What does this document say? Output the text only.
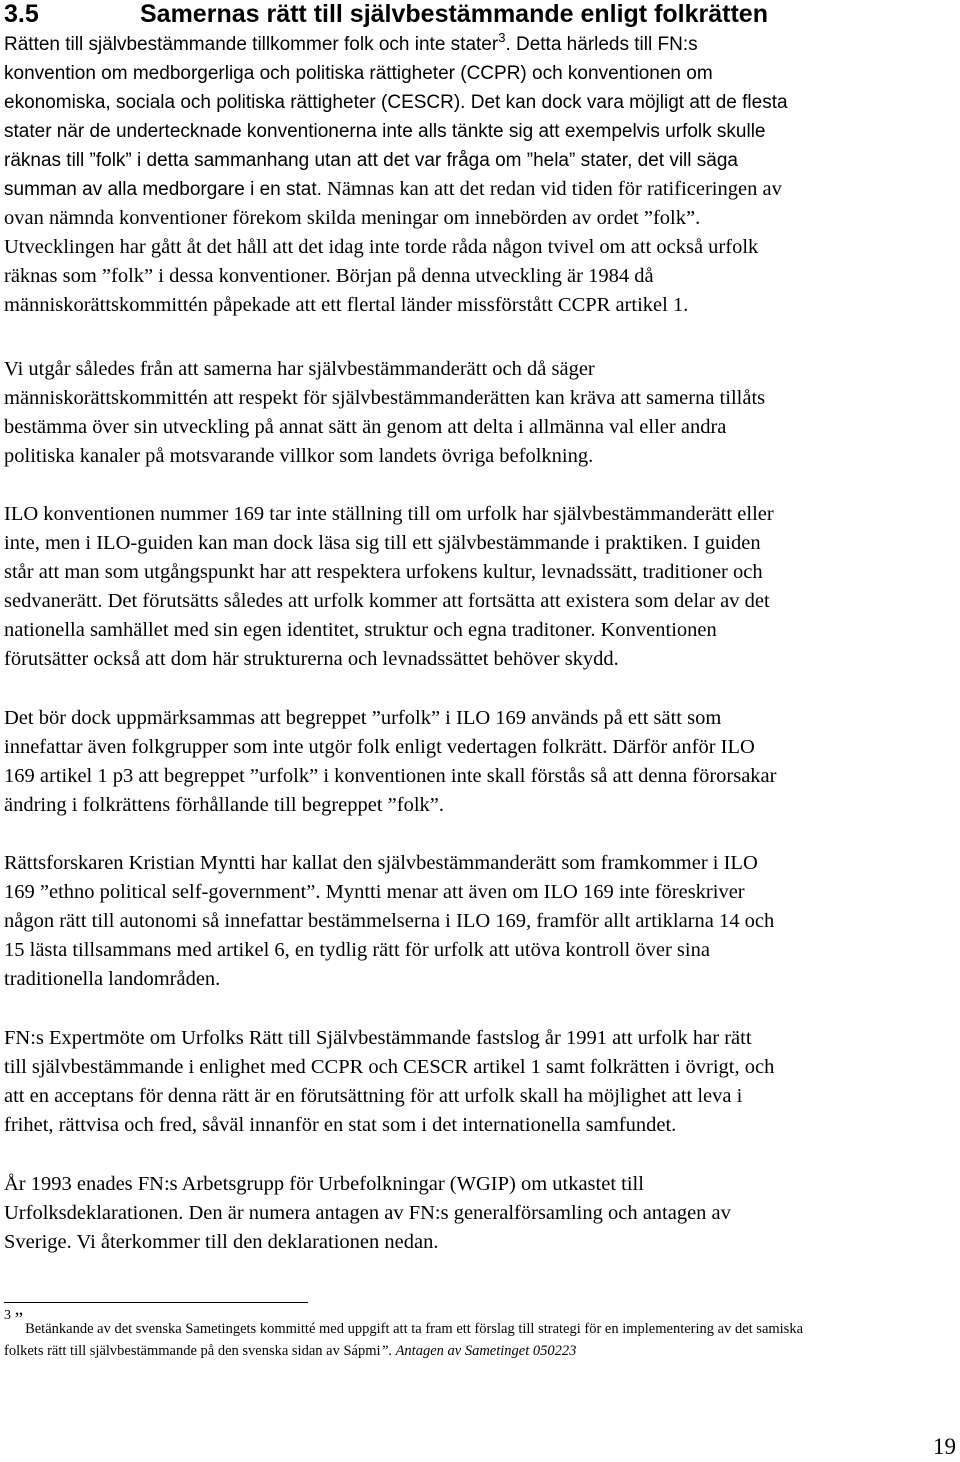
3.5	Samernas rätt till självbestämmande enligt folkrätten
Rätten till självbestämmande tillkommer folk och inte stater$^3$. Detta härleds till FN:s
konvention om medborgerliga och politiska rättigheter (CCPR) och konventionen om
ekonomiska, sociala och politiska rättigheter (CESCR). Det kan dock vara möjligt att de flesta
stater när de undertecknade konventionerna inte alls tänkte sig att exempelvis urfolk skulle
räknas till ”folk” i detta sammanhang utan att det var fråga om ”hela” stater, det vill säga
summan av alla medborgare i en stat. Nämnas kan att det redan vid tiden för ratificeringen av
ovan nämnda konventioner förekom skilda meningar om innebörden av ordet ”folk”.
Utvecklingen har gått åt det håll att det idag inte torde råda någon tvivel om att också urfolk
räknas som ”folk” i dessa konventioner. Början på denna utveckling är 1984 då
människorättskommittén påpekade att ett flertal länder missförstått CCPR artikel 1.
Vi utgår således från att samerna har självbestämmanderätt och då säger
människorättskommittén att respekt för självbestämmanderätten kan kräva att samerna tillåts
bestämma över sin utveckling på annat sätt än genom att delta i allmänna val eller andra
politiska kanaler på motsvarande villkor som landets övriga befolkning.
ILO konventionen nummer 169 tar inte ställning till om urfolk har självbestämmanderätt eller
inte, men i ILO-guiden kan man dock läsa sig till ett självbestämmande i praktiken. I guiden
står att man som utgångspunkt har att respektera urfokens kultur, levnadssätt, traditioner och
sedvanerätt. Det förutsätts således att urfolk kommer att fortsätta att existera som delar av det
nationella samhället med sin egen identitet, struktur och egna traditoner. Konventionen
förutsätter också att dom här strukturerna och levnadssättet behöver skydd.
Det bör dock uppmärksammas att begreppet ”urfolk” i ILO 169 används på ett sätt som
innefattar även folkgrupper som inte utgör folk enligt vedertagen folkrätt. Därför anför ILO
169 artikel 1 p3 att begreppet ”urfolk” i konventionen inte skall förstås så att denna förorsakar
ändring i folkrättens förhållande till begreppet ”folk”.
Rättsforskaren Kristian Myntti har kallat den självbestämmanderätt som framkommer i ILO
169 ”ethno political self-government”. Myntti menar att även om ILO 169 inte föreskriver
någon rätt till autonomi så innefattar bestämmelserna i ILO 169, framför allt artiklarna 14 och
15 lästa tillsammans med artikel 6, en tydlig rätt för urfolk att utöva kontroll över sina
traditionella landområden.
FN:s Expertmöte om Urfolks Rätt till Självbestämmande fastslog år 1991 att urfolk har rätt
till självbestämmande i enlighet med CCPR och CESCR artikel 1 samt folkrätten i övrigt, och
att en acceptans för denna rätt är en förutsättning för att urfolk skall ha möjlighet att leva i
frihet, rättvisa och fred, såväl innanför en stat som i det internationella samfundet.
År 1993 enades FN:s Arbetsgrupp för Urbefolkningar (WGIP) om utkastet till
Urfolksdeklarationen. Den är numera antagen av FN:s generalförsamling och antagen av
Sverige. Vi återkommer till den deklarationen nedan.
3 ” Betänkande av det svenska Sametingets kommitté med uppgift att ta fram ett förslag till strategi för en implementering av det samiska
folkets rätt till självbestämmande på den svenska sidan av Sápmi”. Antagen av Sametinget 050223
19
